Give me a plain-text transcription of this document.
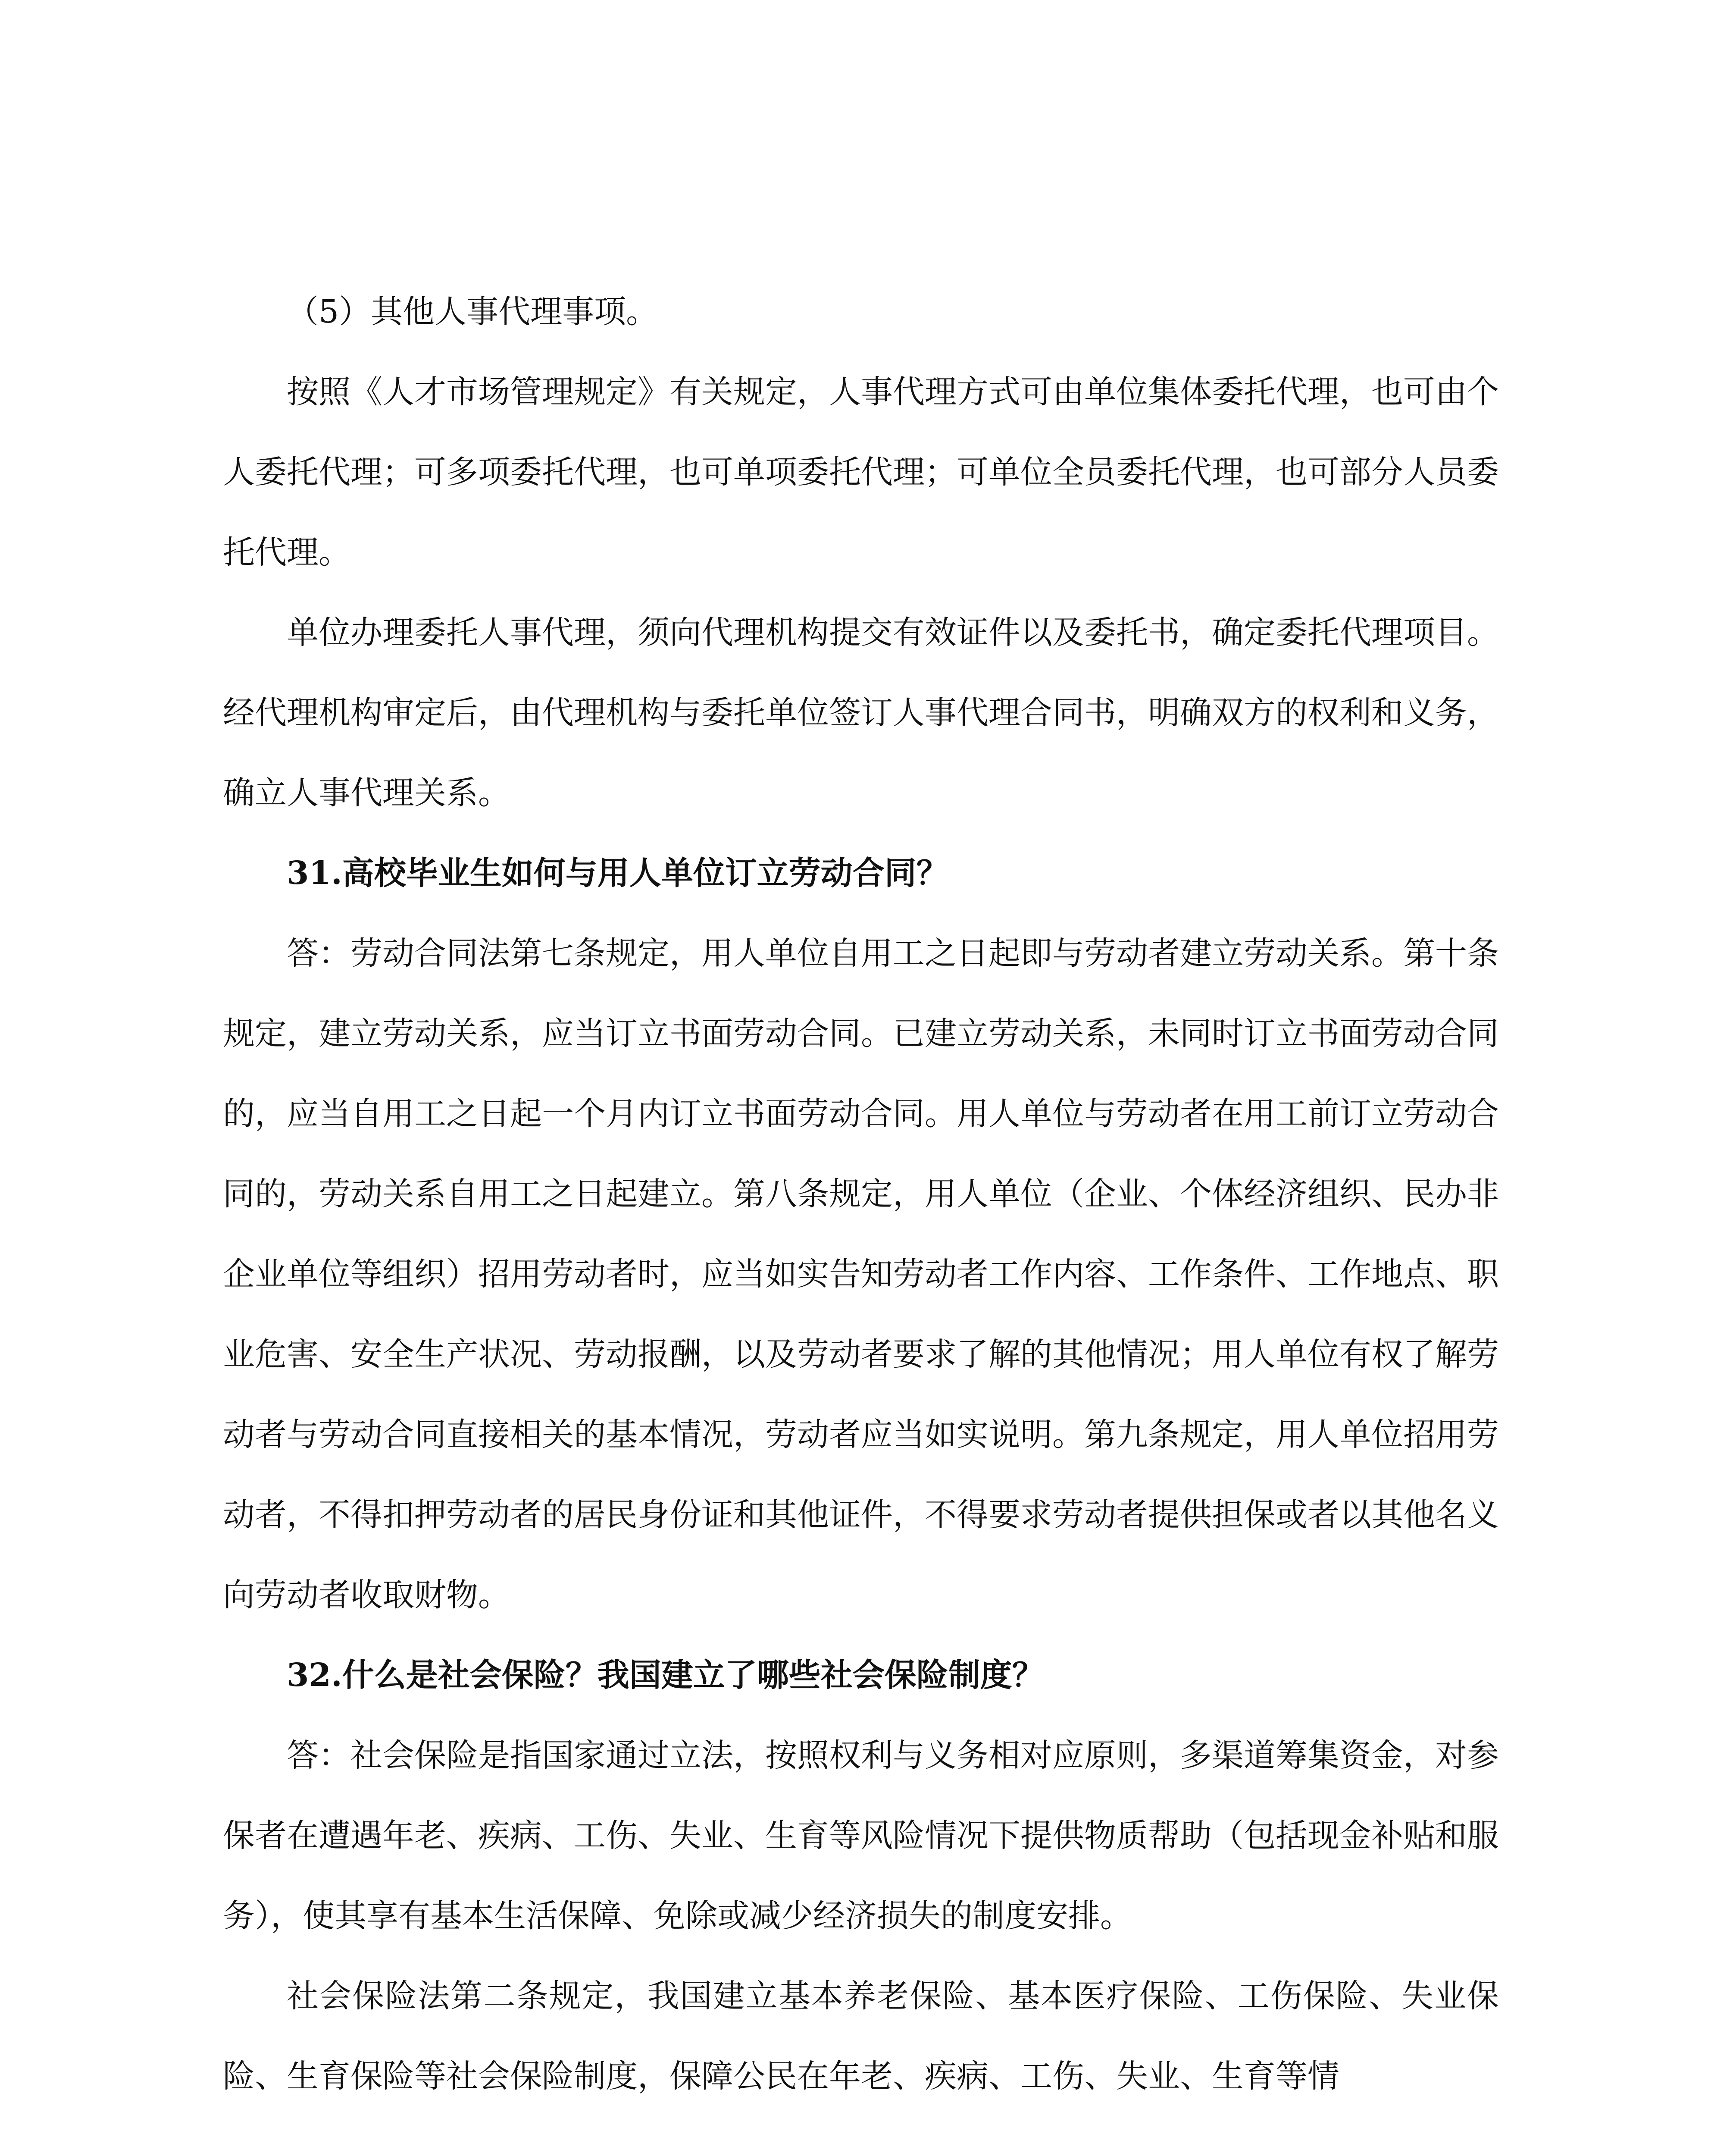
（5）其他人事代理事项。

按照《人才市场管理规定》有关规定，人事代理方式可由单位集体委托代理，也可由个人委托代理；可多项委托代理，也可单项委托代理；可单位全员委托代理，也可部分人员委托代理。

单位办理委托人事代理，须向代理机构提交有效证件以及委托书，确定委托代理项目。经代理机构审定后，由代理机构与委托单位签订人事代理合同书，明确双方的权利和义务，确立人事代理关系。

31.高校毕业生如何与用人单位订立劳动合同？

答：劳动合同法第七条规定，用人单位自用工之日起即与劳动者建立劳动关系。第十条规定，建立劳动关系，应当订立书面劳动合同。已建立劳动关系，未同时订立书面劳动合同的，应当自用工之日起一个月内订立书面劳动合同。用人单位与劳动者在用工前订立劳动合同的，劳动关系自用工之日起建立。第八条规定，用人单位（企业、个体经济组织、民办非企业单位等组织）招用劳动者时，应当如实告知劳动者工作内容、工作条件、工作地点、职业危害、安全生产状况、劳动报酬，以及劳动者要求了解的其他情况；用人单位有权了解劳动者与劳动合同直接相关的基本情况，劳动者应当如实说明。第九条规定，用人单位招用劳动者，不得扣押劳动者的居民身份证和其他证件，不得要求劳动者提供担保或者以其他名义向劳动者收取财物。

32.什么是社会保险？我国建立了哪些社会保险制度？

答：社会保险是指国家通过立法，按照权利与义务相对应原则，多渠道筹集资金，对参保者在遭遇年老、疾病、工伤、失业、生育等风险情况下提供物质帮助（包括现金补贴和服务），使其享有基本生活保障、免除或减少经济损失的制度安排。

社会保险法第二条规定，我国建立基本养老保险、基本医疗保险、工伤保险、失业保险、生育保险等社会保险制度，保障公民在年老、疾病、工伤、失业、生育等情
